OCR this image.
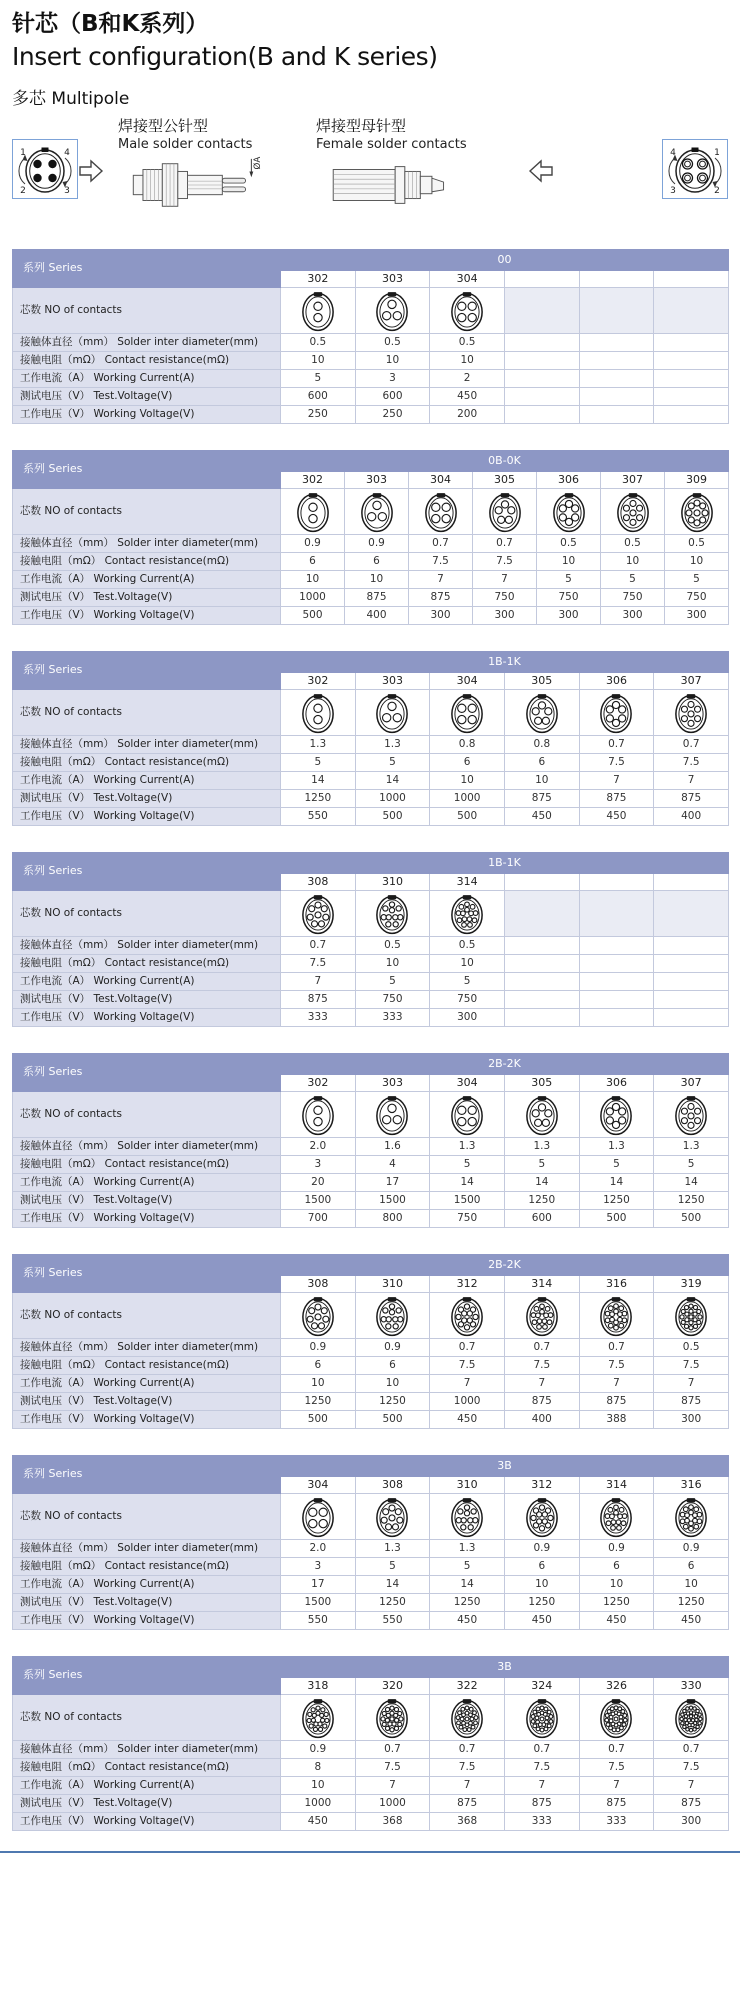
针芯（B和K系列）
Insert configuration(B and K series)
多芯 Multipole
1	4
2	3
焊接型公针型
Male solder contacts
ØA
焊接型母针型
Female solder contacts
4	1
3	2
系列 Series	00					
	302	303	304			
芯数 NO of contacts	

接触体直径（mm） Solder inter diameter(mm)	0.5	0.5	0.5			
接触电阻（mΩ） Contact resistance(mΩ)	10	10	10			
工作电流（A） Working Current(A)	5	3	2			
测试电压（V） Test.Voltage(V)	600	600	450			
工作电压（V） Working Voltage(V)	250	250	200			
系列 Series	0B-0K						
	302	303	304	305	306	307	309
芯数 NO of contacts	

接触体直径（mm） Solder inter diameter(mm)	0.9	0.9	0.7	0.7	0.5	0.5	0.5
接触电阻（mΩ） Contact resistance(mΩ)	6	6	7.5	7.5	10	10	10
工作电流（A） Working Current(A)	10	10	7	7	5	5	5
测试电压（V） Test.Voltage(V)	1000	875	875	750	750	750	750
工作电压（V） Working Voltage(V)	500	400	300	300	300	300	300
系列 Series	1B-1K					
	302	303	304	305	306	307
芯数 NO of contacts	

接触体直径（mm） Solder inter diameter(mm)	1.3	1.3	0.8	0.8	0.7	0.7
接触电阻（mΩ） Contact resistance(mΩ)	5	5	6	6	7.5	7.5
工作电流（A） Working Current(A)	14	14	10	10	7	7
测试电压（V） Test.Voltage(V)	1250	1000	1000	875	875	875
工作电压（V） Working Voltage(V)	550	500	500	450	450	400
系列 Series	1B-1K					
	308	310	314			
芯数 NO of contacts	

接触体直径（mm） Solder inter diameter(mm)	0.7	0.5	0.5			
接触电阻（mΩ） Contact resistance(mΩ)	7.5	10	10			
工作电流（A） Working Current(A)	7	5	5			
测试电压（V） Test.Voltage(V)	875	750	750			
工作电压（V） Working Voltage(V)	333	333	300			
系列 Series	2B-2K					
	302	303	304	305	306	307
芯数 NO of contacts	

接触体直径（mm） Solder inter diameter(mm)	2.0	1.6	1.3	1.3	1.3	1.3
接触电阻（mΩ） Contact resistance(mΩ)	3	4	5	5	5	5
工作电流（A） Working Current(A)	20	17	14	14	14	14
测试电压（V） Test.Voltage(V)	1500	1500	1500	1250	1250	1250
工作电压（V） Working Voltage(V)	700	800	750	600	500	500
系列 Series	2B-2K					
	308	310	312	314	316	319
芯数 NO of contacts	

接触体直径（mm） Solder inter diameter(mm)	0.9	0.9	0.7	0.7	0.7	0.5
接触电阻（mΩ） Contact resistance(mΩ)	6	6	7.5	7.5	7.5	7.5
工作电流（A） Working Current(A)	10	10	7	7	7	7
测试电压（V） Test.Voltage(V)	1250	1250	1000	875	875	875
工作电压（V） Working Voltage(V)	500	500	450	400	388	300
系列 Series	3B					
	304	308	310	312	314	316
芯数 NO of contacts	

接触体直径（mm） Solder inter diameter(mm)	2.0	1.3	1.3	0.9	0.9	0.9
接触电阻（mΩ） Contact resistance(mΩ)	3	5	5	6	6	6
工作电流（A） Working Current(A)	17	14	14	10	10	10
测试电压（V） Test.Voltage(V)	1500	1250	1250	1250	1250	1250
工作电压（V） Working Voltage(V)	550	550	450	450	450	450
系列 Series	3B					
	318	320	322	324	326	330
芯数 NO of contacts	

接触体直径（mm） Solder inter diameter(mm)	0.9	0.7	0.7	0.7	0.7	0.7
接触电阻（mΩ） Contact resistance(mΩ)	8	7.5	7.5	7.5	7.5	7.5
工作电流（A） Working Current(A)	10	7	7	7	7	7
测试电压（V） Test.Voltage(V)	1000	1000	875	875	875	875
工作电压（V） Working Voltage(V)	450	368	368	333	333	300
